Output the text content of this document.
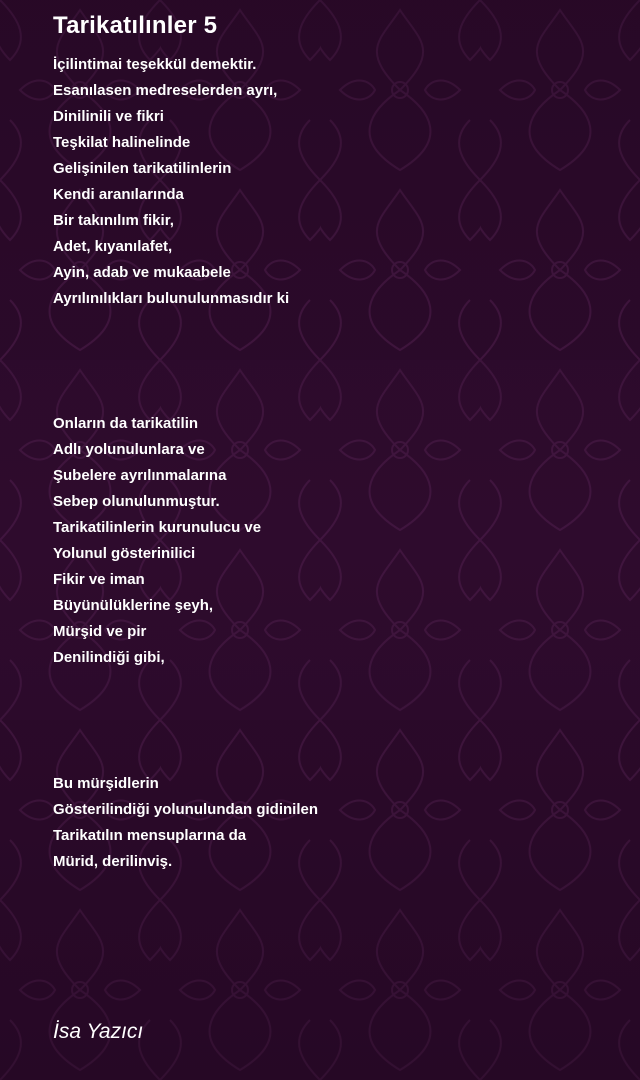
Tarikatılınler 5
İçilintimai teşekkül demektir.
Esanılasen medreselerden ayrı,
Dinilinili ve fikri
Teşkilat halinelinde
Gelişinilen tarikatilinlerin
Kendi aranılarında
Bir takınılım fikir,
Adet, kıyanılafet,
Ayin, adab ve mukaabele
Ayrılınılıkları bulunulunmasıdır ki
Onların da tarikatilin
Adlı yolunulunlara ve
Şubelere ayrılınmalarına
Sebep olunulunmuştur.
Tarikatilinlerin kurunulucu ve
Yolunul gösterinilici
Fikir ve iman
Büyünülüklerine şeyh,
Mürşid ve pir
Denilindiği gibi,
Bu mürşidlerin
Gösterilindiği yolunulundan gidinilen
Tarikatılın mensuplarına da
Mürid, derilinviş.

İsa Yazıcı
